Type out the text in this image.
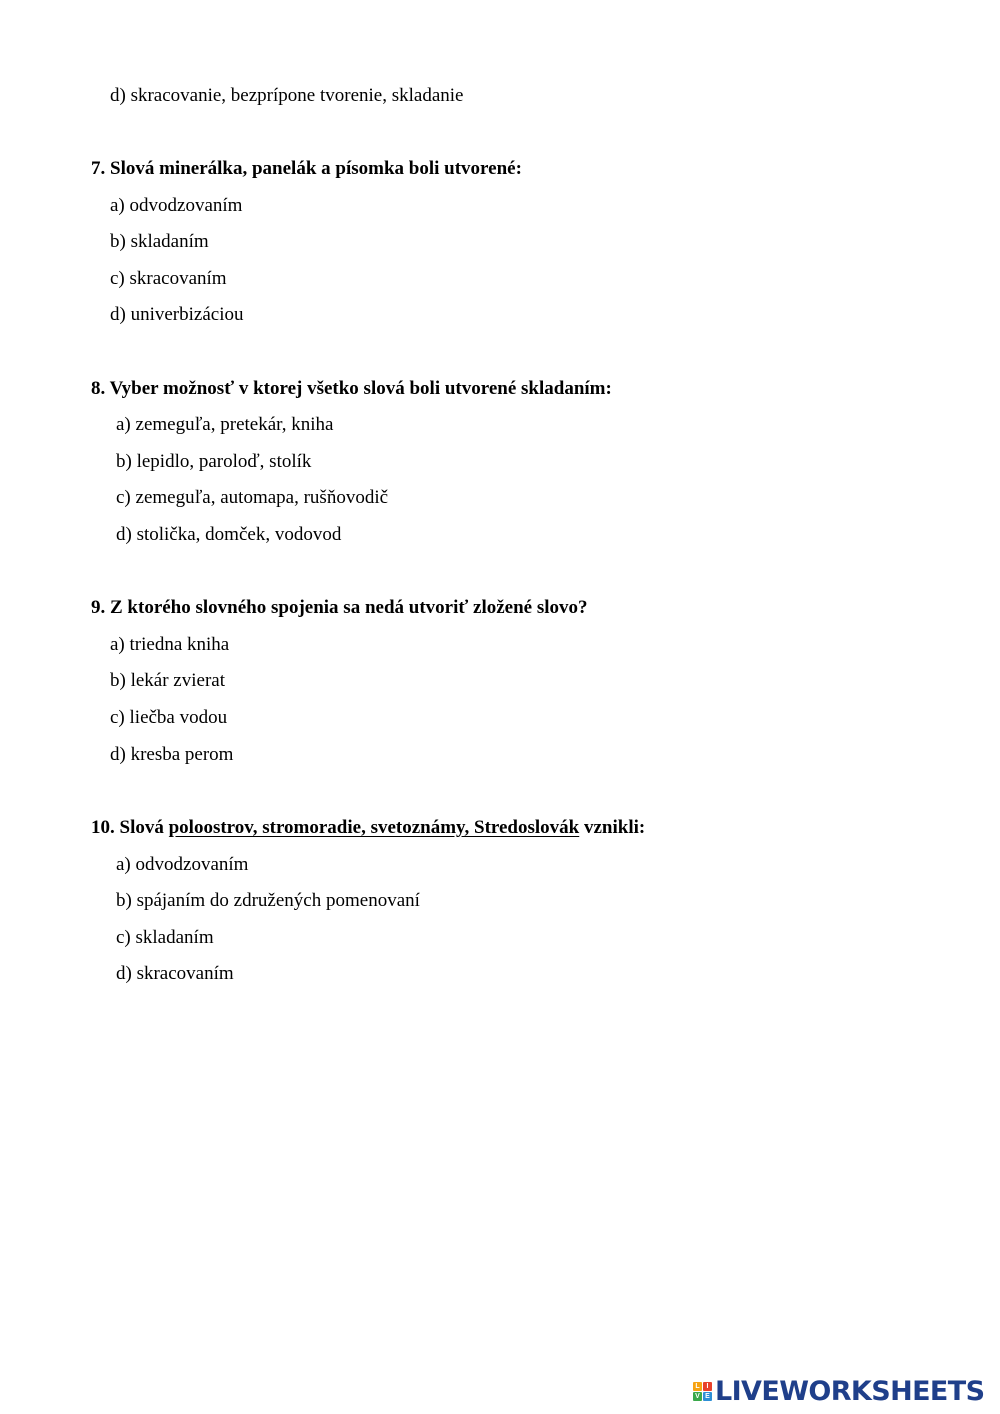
d) skracovanie, bezprípone tvorenie, skladanie
7. Slová minerálka, panelák a písomka boli utvorené:
a) odvodzovaním
b) skladaním
c) skracovaním
d) univerbizáciou
8. Vyber možnosť v ktorej všetko slová boli utvorené skladaním:
a) zemeguľa, pretekár, kniha
b) lepidlo, paroloď, stolík
c) zemeguľa, automapa, rušňovodič
d) stolička, domček, vodovod
9. Z ktorého slovného spojenia sa nedá utvoriť zložené slovo?
a) triedna kniha
b) lekár zvierat
c) liečba vodou
d) kresba perom
10. Slová poloostrov, stromoradie, svetoznámy, Stredoslovák vznikli:
a) odvodzovaním
b) spájaním do združených pomenovaní
c) skladaním
d) skracovaním
L I
V E LIVEWORKSHEETS
